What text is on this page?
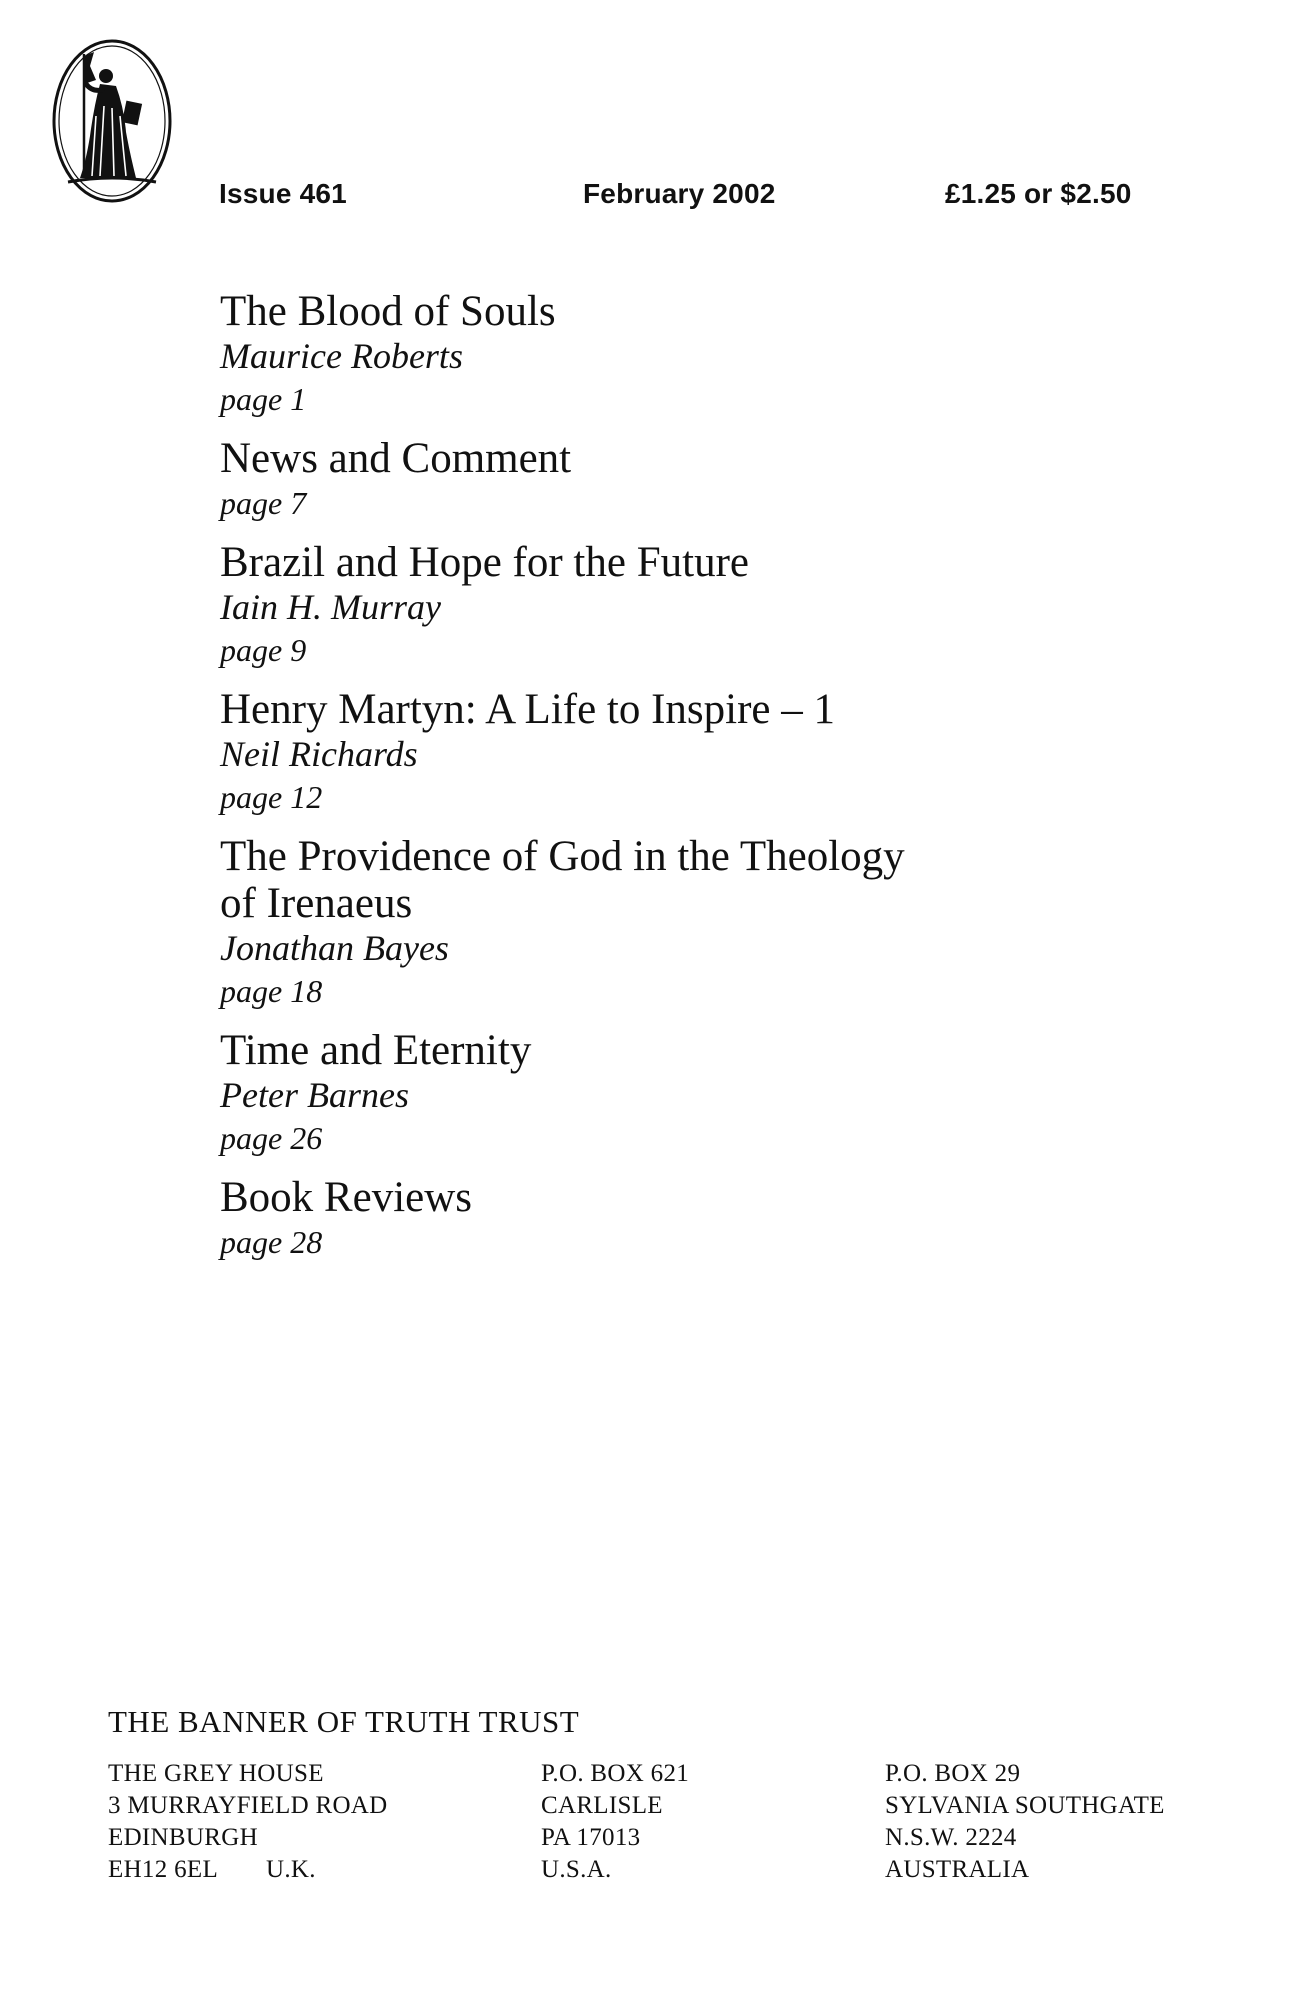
Issue 461	February 2002	£1.25 or $2.50
The Blood of Souls
Maurice Roberts
page 1
News and Comment
page 7
Brazil and Hope for the Future
Iain H. Murray
page 9
Henry Martyn: A Life to Inspire – 1
Neil Richards
page 12
The Providence of God in the Theology
of Irenaeus
Jonathan Bayes
page 18
Time and Eternity
Peter Barnes
page 26
Book Reviews
page 28
THE BANNER OF TRUTH TRUST
THE GREY HOUSE
3 MURRAYFIELD ROAD
EDINBURGH
EH12 6EL U.K.
P.O. BOX 621
CARLISLE
PA 17013
U.S.A.
P.O. BOX 29
SYLVANIA SOUTHGATE
N.S.W. 2224
AUSTRALIA
